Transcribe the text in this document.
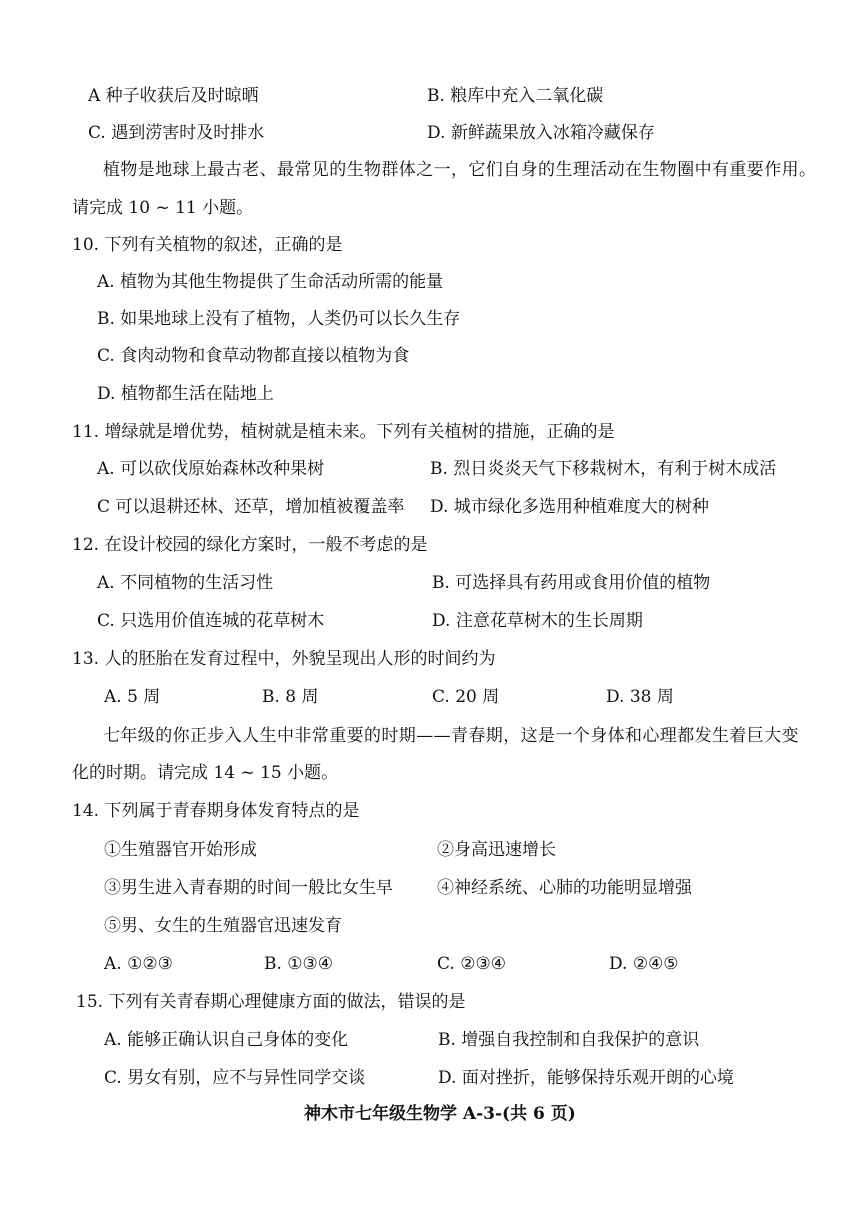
A 种子收获后及时晾晒	B. 粮库中充入二氧化碳
C. 遇到涝害时及时排水	D. 新鲜蔬果放入冰箱冷藏保存
植物是地球上最古老、最常见的生物群体之一，它们自身的生理活动在生物圈中有重要作用。
请完成 10 ~ 11 小题。
10. 下列有关植物的叙述，正确的是
A. 植物为其他生物提供了生命活动所需的能量
B. 如果地球上没有了植物，人类仍可以长久生存
C. 食肉动物和食草动物都直接以植物为食
D. 植物都生活在陆地上
11. 增绿就是增优势，植树就是植未来。下列有关植树的措施，正确的是
A. 可以砍伐原始森林改种果树	B. 烈日炎炎天气下移栽树木，有利于树木成活
C 可以退耕还林、还草，增加植被覆盖率 D. 城市绿化多选用种植难度大的树种
12. 在设计校园的绿化方案时，一般不考虑的是
A. 不同植物的生活习性	B. 可选择具有药用或食用价值的植物
C. 只选用价值连城的花草树木	D. 注意花草树木的生长周期
13. 人的胚胎在发育过程中，外貌呈现出人形的时间约为
A. 5 周	B. 8 周	C. 20 周	D. 38 周
七年级的你正步入人生中非常重要的时期——青春期，这是一个身体和心理都发生着巨大变
化的时期。请完成 14 ~ 15 小题。
14. 下列属于青春期身体发育特点的是
①生殖器官开始形成	②身高迅速增长
③男生进入青春期的时间一般比女生早	④神经系统、心肺的功能明显增强
⑤男、女生的生殖器官迅速发育
A. ①②③	B. ①③④	C. ②③④	D. ②④⑤
15. 下列有关青春期心理健康方面的做法，错误的是
A. 能够正确认识自己身体的变化	B. 增强自我控制和自我保护的意识
C. 男女有别，应不与异性同学交谈	D. 面对挫折，能够保持乐观开朗的心境
神木市七年级生物学 A-3-(共 6 页)
